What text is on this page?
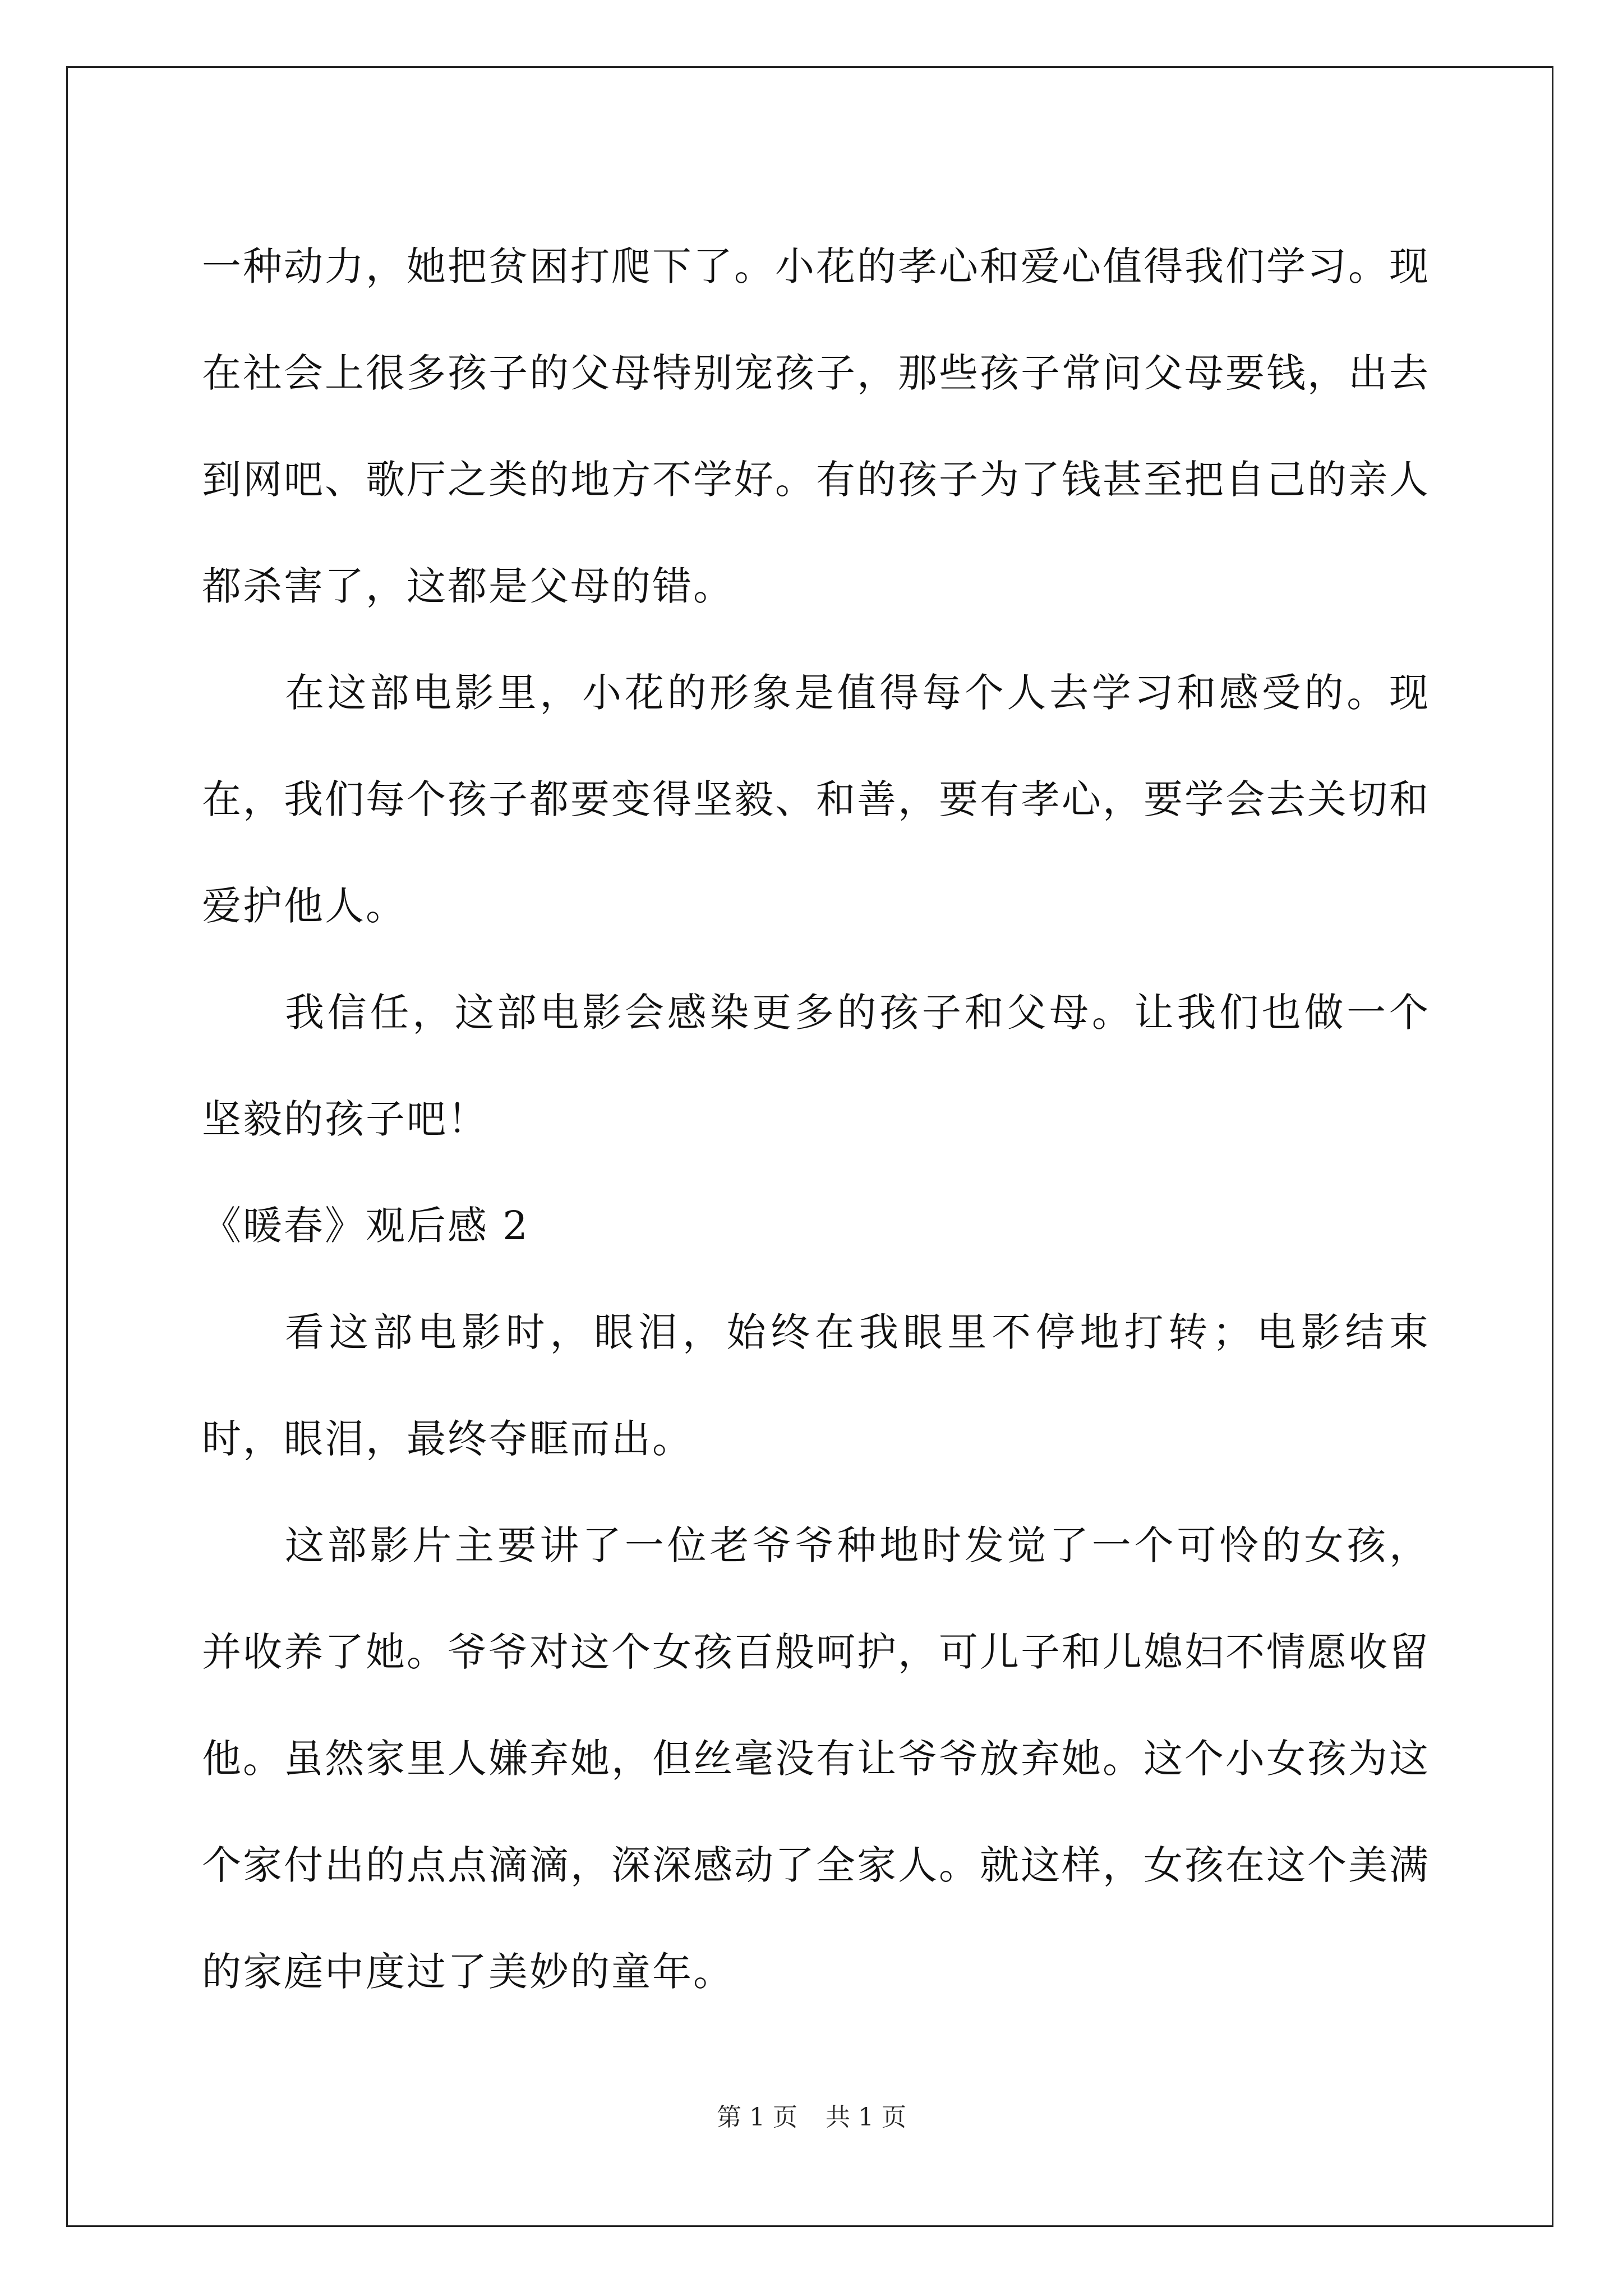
一种动力，她把贫困打爬下了。小花的孝心和爱心值得我们学习。现在社会上很多孩子的父母特别宠孩子，那些孩子常问父母要钱，出去到网吧、歌厅之类的地方不学好。有的孩子为了钱甚至把自己的亲人都杀害了，这都是父母的错。

在这部电影里，小花的形象是值得每个人去学习和感受的。现在，我们每个孩子都要变得坚毅、和善，要有孝心，要学会去关切和爱护他人。

我信任，这部电影会感染更多的孩子和父母。让我们也做一个坚毅的孩子吧！

《暖春》观后感 2

看这部电影时，眼泪，始终在我眼里不停地打转；电影结束时，眼泪，最终夺眶而出。

这部影片主要讲了一位老爷爷种地时发觉了一个可怜的女孩，并收养了她。爷爷对这个女孩百般呵护，可儿子和儿媳妇不情愿收留他。虽然家里人嫌弃她，但丝毫没有让爷爷放弃她。这个小女孩为这个家付出的点点滴滴，深深感动了全家人。就这样，女孩在这个美满的家庭中度过了美妙的童年。

第 1 页 共 1 页
